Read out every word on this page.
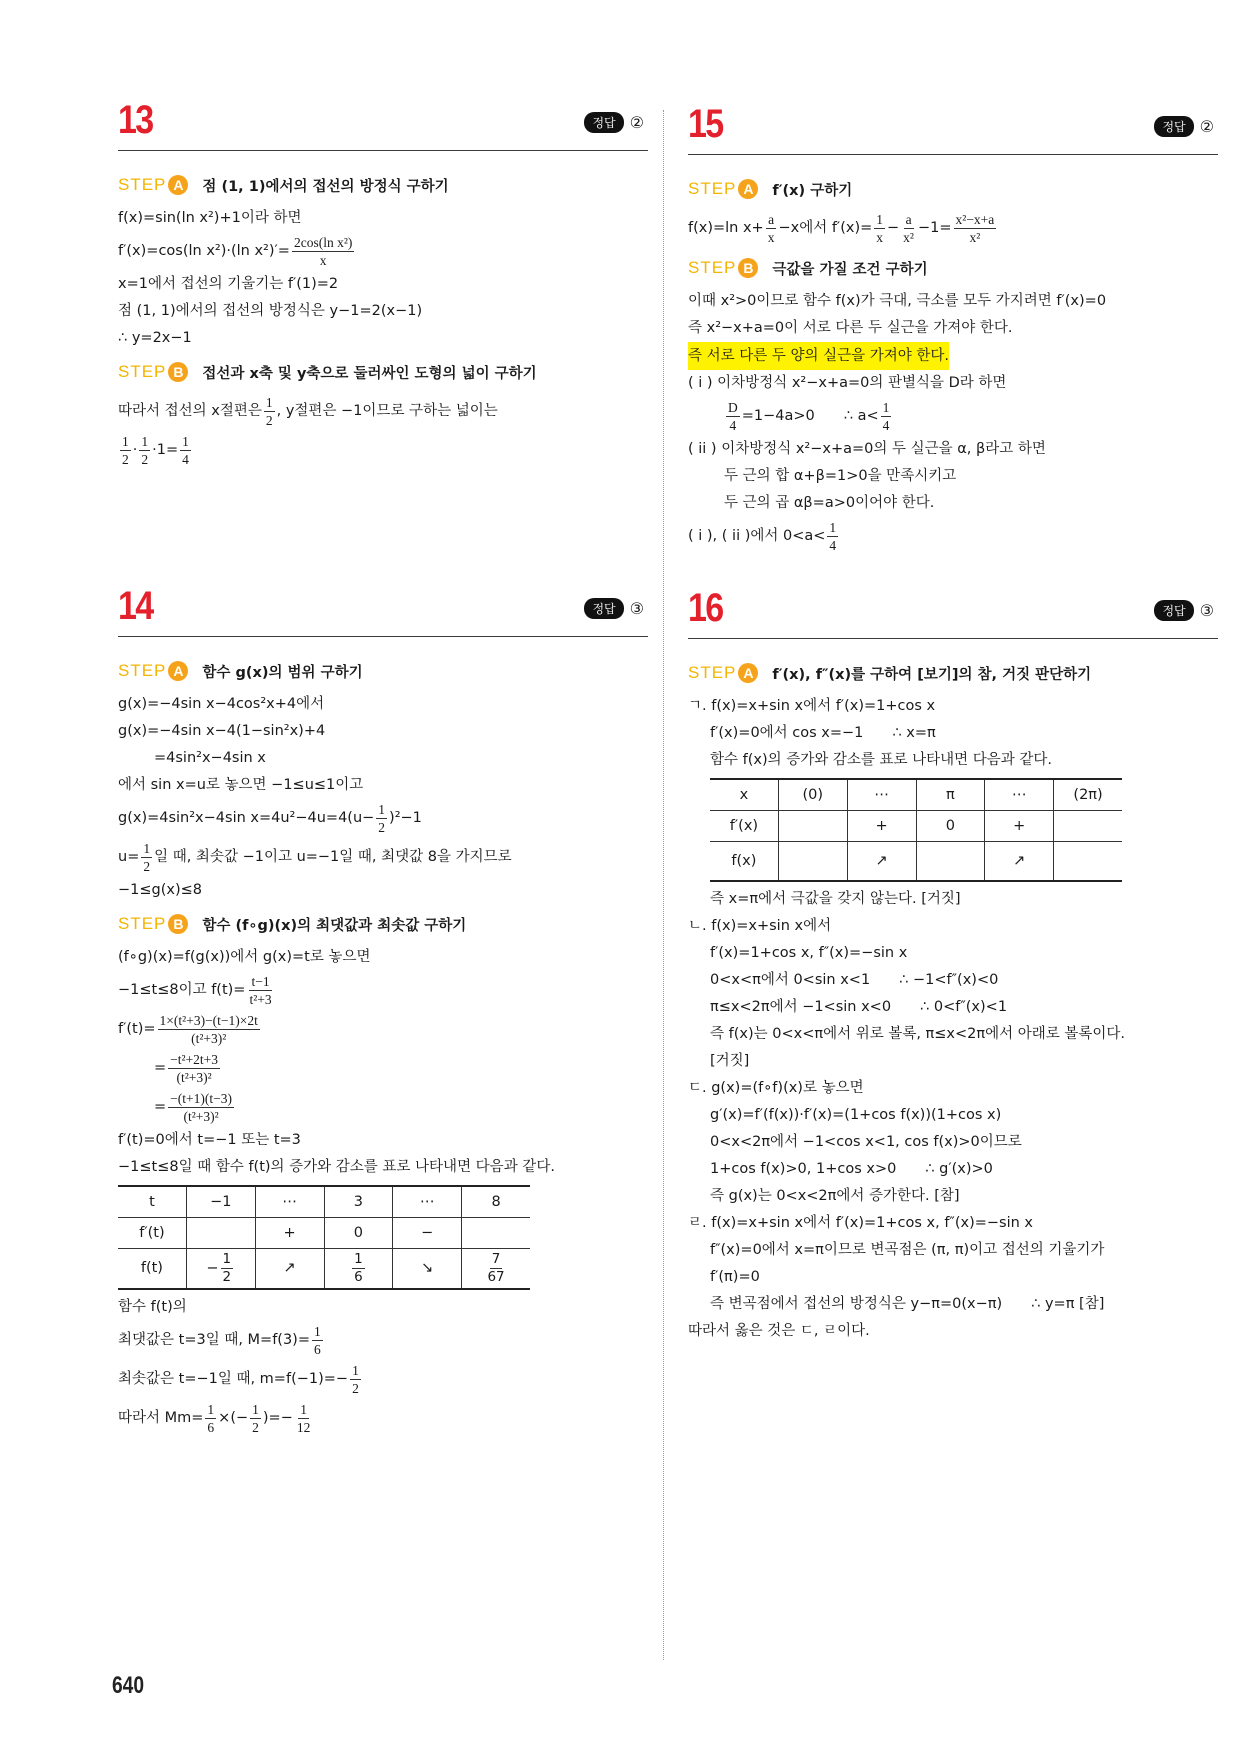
13	정답 ②
STEP A	점 (1, 1)에서의 접선의 방정식 구하기
f(x)=sin(ln x²)+1이라 하면
f′(x)=cos(ln x²)·(ln $x^2)'= \frac{\text{2cos(ln x²)}}{x}$
x=1에서 접선의 기울기는 f′(1)=2
점 (1, 1)에서의 접선의 방정식은 y−1=2(x−1)
∴ y=2x−1
STEP B	접선과 x축 및 y축으로 둘러싸인 도형의 넓이 구하기
따라서 접선의 x절편은 $\frac{1}{2}$ , y절편은 −1이므로 구하는 넓이는
$\frac{1}{2} \cdot \frac{1}{2} \cdot 1= \frac{1}{4}$
14	정답 ③
STEP A	함수 g(x)의 범위 구하기
g(x)=−4sin x−4cos²x+4에서
g(x)=−4sin x−4(1−sin²x)+4
=4sin²x−4sin x
에서 sin x=u로 놓으면 −1≤u≤1이고
g(x)=4sin²x−4sin $x=4u^2-4u=4(u- \frac{1}{2} )^2-1$
$u= \frac{1}{2}$ 일 때, 최솟값 −1이고 u=−1일 때, 최댓값 8을 가지므로
−1≤g(x)≤8
STEP B	함수 (f∘g)(x)의 최댓값과 최솟값 구하기
(f∘g)(x)=f(g(x))에서 g(x)=t로 놓으면
−1≤t≤8이고 $f(t)= \frac{t-1}{\text{t²+3}}$
$f'(t)= \frac{\text{1×(t²+3)−(t−1)×2t}}{\text{(t²+3)²}}$
= $\frac{\text{−t²+2t+3}}{\text{(t²+3)²}}$
= $\frac{-(t+1)(t-3)}{\text{(t²+3)²}}$
f′(t)=0에서 t=−1 또는 t=3
−1≤t≤8일 때 함수 f(t)의 증가와 감소를 표로 나타내면 다음과 같다.
t	−1	⋯	3	⋯	8
f′(t)		+	0	−	
f(t)	− $\frac{1}{2}$	↗	$\frac{1}{6}$	↘	$\frac{7}{67}$
함수 f(t)의
최댓값은 t=3일 때, $M=f(3)= \frac{1}{6}$
최솟값은 t=−1일 때, $m=f(-1)=- \frac{1}{2}$
따라서 $Mm= \frac{1}{6}$ ×(− $\frac{1}{2}$ )=− $\frac{1}{12}$
15	정답 ②
STEP A	f′(x) 구하기
f(x)=ln $x+ \frac{a}{x} -x$에서 $f'(x)= \frac{1}{x} - \frac{a}{\text{x²}} -1= \frac{\text{x²−x+a}}{\text{x²}}$
STEP B	극값을 가질 조건 구하기
이때 x²>0이므로 함수 f(x)가 극대, 극소를 모두 가지려면 f′(x)=0
즉 x²−x+a=0이 서로 다른 두 실근을 가져야 한다.
즉 서로 다른 두 양의 실근을 가져야 한다.
( i ) 이차방정식 x²−x+a=0의 판별식을 D라 하면
$\frac{D}{4} =1-4a>0$　　∴ $a< \frac{1}{4}$
( ii ) 이차방정식 x²−x+a=0의 두 실근을 α, β라고 하면
두 근의 합 α+β=1>0을 만족시키고
두 근의 곱 αβ=a>0이어야 한다.
( i ), ( ii )에서 $0<a< \frac{1}{4}$
16	정답 ③
STEP A	f′(x), f″(x)를 구하여 [보기]의 참, 거짓 판단하기
ㄱ. f(x)=x+sin x에서 f′(x)=1+cos x
f′(x)=0에서 cos x=−1　　∴ x=π
함수 f(x)의 증가와 감소를 표로 나타내면 다음과 같다.
x	(0)	⋯	π	⋯	(2π)
f′(x)		+	0	+	
f(x)		↗		↗	
즉 x=π에서 극값을 갖지 않는다. [거짓]
ㄴ. f(x)=x+sin x에서
f′(x)=1+cos x, f″(x)=−sin x
0<x<π에서 0<sin x<1　　∴ −1<f″(x)<0
π≤x<2π에서 −1<sin x<0　　∴ 0<f″(x)<1
즉 f(x)는 0<x<π에서 위로 볼록, π≤x<2π에서 아래로 볼록이다.
[거짓]
ㄷ. g(x)=(f∘f)(x)로 놓으면
g′(x)=f′(f(x))·f′(x)=(1+cos f(x))(1+cos x)
0<x<2π에서 −1<cos x<1, cos f(x)>0이므로
1+cos f(x)>0, 1+cos x>0　　∴ g′(x)>0
즉 g(x)는 0<x<2π에서 증가한다. [참]
ㄹ. f(x)=x+sin x에서 f′(x)=1+cos x, f″(x)=−sin x
f″(x)=0에서 x=π이므로 변곡점은 (π, π)이고 접선의 기울기가
f′(π)=0
즉 변곡점에서 접선의 방정식은 y−π=0(x−π)　　∴ y=π [참]
따라서 옳은 것은 ㄷ, ㄹ이다.
640
